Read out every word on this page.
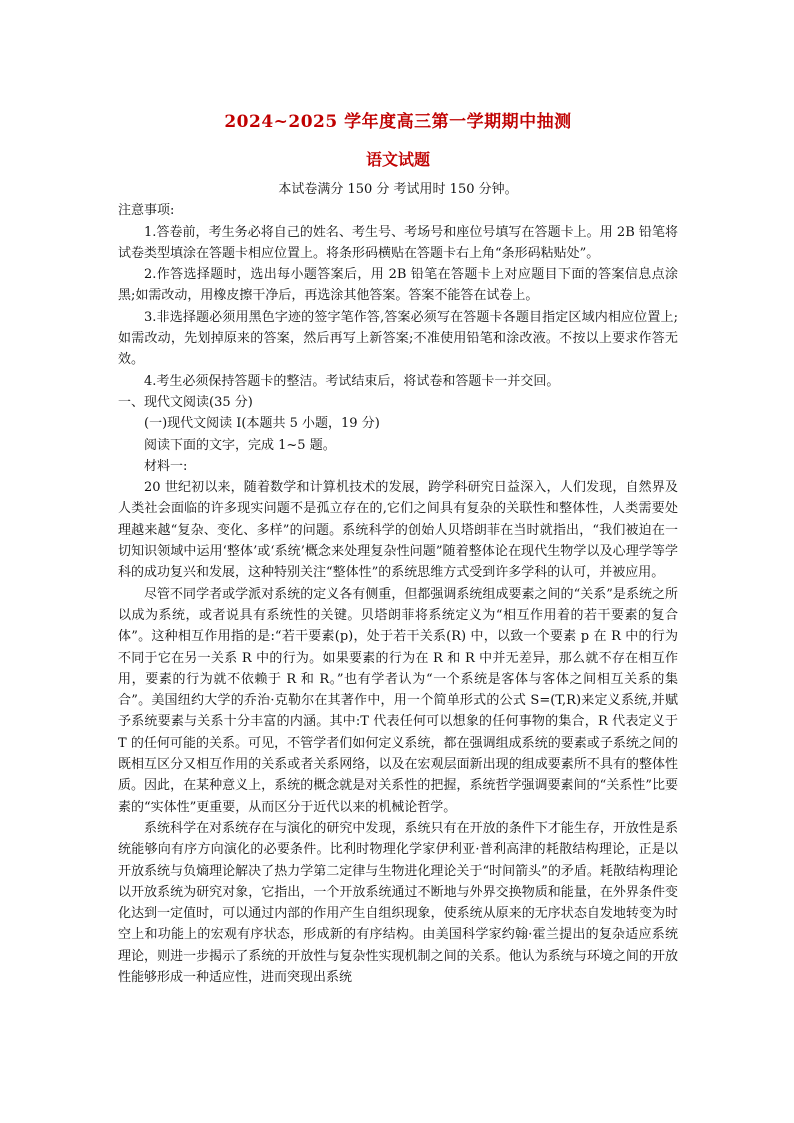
2024~2025 学年度高三第一学期期中抽测
语文试题

本试卷满分 150 分 考试用时 150 分钟。

注意事项:

1.答卷前，考生务必将自己的姓名、考生号、考场号和座位号填写在答题卡上。用 2B 铅笔将试卷类型填涂在答题卡相应位置上。将条形码横贴在答题卡右上角“条形码粘贴处”。

2.作答选择题时，选出每小题答案后，用 2B 铅笔在答题卡上对应题目下面的答案信息点涂黑;如需改动，用橡皮擦干净后，再选涂其他答案。答案不能答在试卷上。

3.非选择题必须用黑色字迹的签字笔作答,答案必须写在答题卡各题目指定区域内相应位置上;如需改动，先划掉原来的答案，然后再写上新答案;不准使用铅笔和涂改液。不按以上要求作答无效。

4.考生必须保持答题卡的整洁。考试结束后，将试卷和答题卡一并交回。

一、现代文阅读(35 分)

(一)现代文阅读 I(本题共 5 小题，19 分)

阅读下面的文字，完成 1~5 题。

材料一:

20 世纪初以来，随着数学和计算机技术的发展，跨学科研究日益深入，人们发现，自然界及人类社会面临的许多现实问题不是孤立存在的,它们之间具有复杂的关联性和整体性，人类需要处理越来越“复杂、变化、多样”的问题。系统科学的创始人贝塔朗菲在当时就指出，“我们被迫在一切知识领域中运用‘整体’或‘系统’概念来处理复杂性问题”随着整体论在现代生物学以及心理学等学科的成功复兴和发展，这种特别关注“整体性”的系统思维方式受到许多学科的认可，并被应用。

尽管不同学者或学派对系统的定义各有侧重，但都强调系统组成要素之间的“关系”是系统之所以成为系统，或者说具有系统性的关键。贝塔朗菲将系统定义为“相互作用着的若干要素的复合体”。这种相互作用指的是:“若干要素(p)，处于若干关系(R) 中，以致一个要素 p 在 R 中的行为不同于它在另一关系 R 中的行为。如果要素的行为在 R 和 R 中并无差异，那么就不存在相互作用，要素的行为就不依赖于 R 和 R。”也有学者认为“一个系统是客体与客体之间相互关系的集合”。美国纽约大学的乔治·克勒尔在其著作中，用一个简单形式的公式 S=(T,R)来定义系统,并赋予系统要素与关系十分丰富的内涵。其中:T 代表任何可以想象的任何事物的集合，R 代表定义于 T 的任何可能的关系。可见，不管学者们如何定义系统，都在强调组成系统的要素或子系统之间的既相互区分又相互作用的关系或者关系网络，以及在宏观层面新出现的组成要素所不具有的整体性质。因此，在某种意义上，系统的概念就是对关系性的把握，系统哲学强调要素间的“关系性”比要素的“实体性”更重要，从而区分于近代以来的机械论哲学。

系统科学在对系统存在与演化的研究中发现，系统只有在开放的条件下才能生存，开放性是系统能够向有序方向演化的必要条件。比利时物理化学家伊利亚·普利高津的耗散结构理论，正是以开放系统与负熵理论解决了热力学第二定律与生物进化理论关于“时间箭头”的矛盾。耗散结构理论以开放系统为研究对象，它指出，一个开放系统通过不断地与外界交换物质和能量，在外界条件变化达到一定值时，可以通过内部的作用产生自组织现象，使系统从原来的无序状态自发地转变为时空上和功能上的宏观有序状态，形成新的有序结构。由美国科学家约翰·霍兰提出的复杂适应系统理论，则进一步揭示了系统的开放性与复杂性实现机制之间的关系。他认为系统与环境之间的开放性能够形成一种适应性，进而突现出系统
